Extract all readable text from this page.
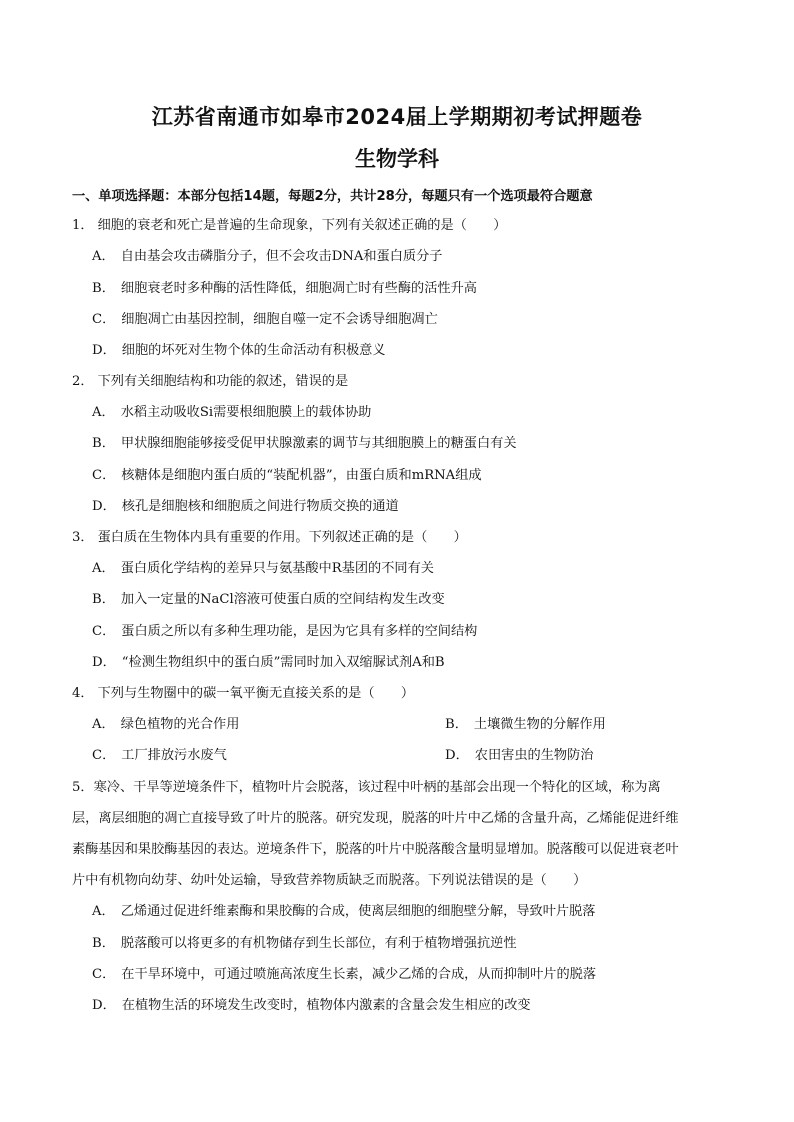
江苏省南通市如皋市2024届上学期期初考试押题卷
生物学科
一、单项选择题：本部分包括14题，每题2分，共计28分，每题只有一个选项最符合题意
1． 细胞的衰老和死亡是普遍的生命现象，下列有关叙述正确的是（　　）
A． 自由基会攻击磷脂分子，但不会攻击DNA和蛋白质分子
B． 细胞衰老时多种酶的活性降低，细胞凋亡时有些酶的活性升高
C． 细胞凋亡由基因控制，细胞自噬一定不会诱导细胞凋亡
D． 细胞的坏死对生物个体的生命活动有积极意义
2． 下列有关细胞结构和功能的叙述，错误的是
A． 水稻主动吸收Si需要根细胞膜上的载体协助
B． 甲状腺细胞能够接受促甲状腺激素的调节与其细胞膜上的糖蛋白有关
C． 核糖体是细胞内蛋白质的“装配机器”，由蛋白质和mRNA组成
D． 核孔是细胞核和细胞质之间进行物质交换的通道
3． 蛋白质在生物体内具有重要的作用。下列叙述正确的是（　　）
A． 蛋白质化学结构的差异只与氨基酸中R基团的不同有关
B． 加入一定量的NaCl溶液可使蛋白质的空间结构发生改变
C． 蛋白质之所以有多种生理功能，是因为它具有多样的空间结构
D． “检测生物组织中的蛋白质”需同时加入双缩脲试剂A和B
4． 下列与生物圈中的碳一氧平衡无直接关系的是（　　）
A． 绿色植物的光合作用	B． 土壤微生物的分解作用
C． 工厂排放污水废气	D． 农田害虫的生物防治
5．寒冷、干旱等逆境条件下，植物叶片会脱落，该过程中叶柄的基部会出现一个特化的区域，称为离
层，离层细胞的凋亡直接导致了叶片的脱落。研究发现，脱落的叶片中乙烯的含量升高，乙烯能促进纤维
素酶基因和果胶酶基因的表达。逆境条件下，脱落的叶片中脱落酸含量明显增加。脱落酸可以促进衰老叶
片中有机物向幼芽、幼叶处运输，导致营养物质缺乏而脱落。下列说法错误的是（　　）
A． 乙烯通过促进纤维素酶和果胶酶的合成，使离层细胞的细胞壁分解，导致叶片脱落
B． 脱落酸可以将更多的有机物储存到生长部位，有利于植物增强抗逆性
C． 在干旱环境中，可通过喷施高浓度生长素，减少乙烯的合成，从而抑制叶片的脱落
D． 在植物生活的环境发生改变时，植物体内激素的含量会发生相应的改变
